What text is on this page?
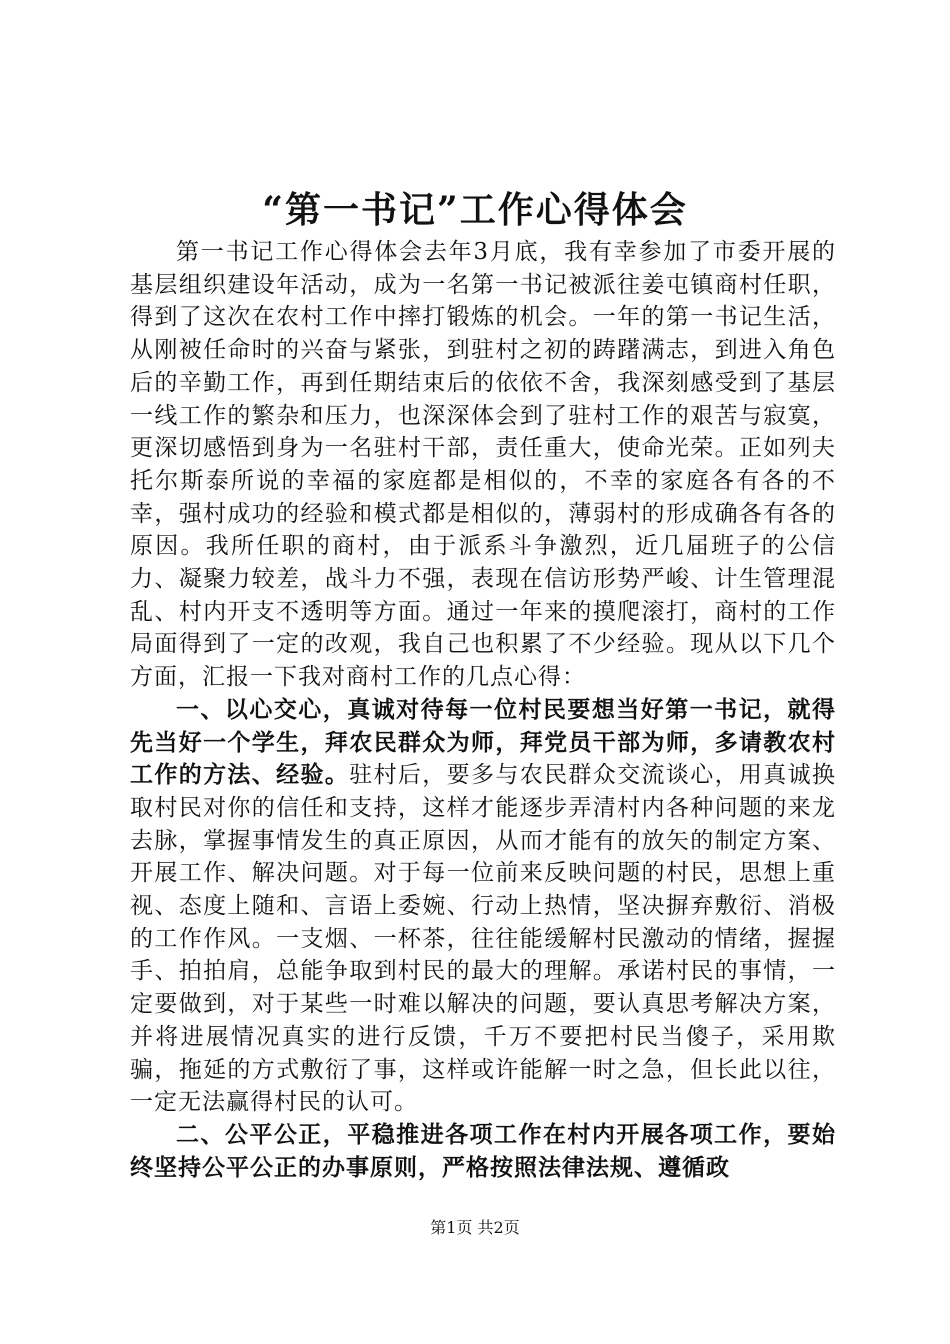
“第一书记”工作心得体会

第一书记工作心得体会去年3月底，我有幸参加了市委开展的基层组织建设年活动，成为一名第一书记被派往姜屯镇商村任职，得到了这次在农村工作中摔打锻炼的机会。一年的第一书记生活，从刚被任命时的兴奋与紧张，到驻村之初的踌躇满志，到进入角色后的辛勤工作，再到任期结束后的依依不舍，我深刻感受到了基层一线工作的繁杂和压力，也深深体会到了驻村工作的艰苦与寂寞，更深切感悟到身为一名驻村干部，责任重大，使命光荣。正如列夫托尔斯泰所说的幸福的家庭都是相似的，不幸的家庭各有各的不幸，强村成功的经验和模式都是相似的，薄弱村的形成确各有各的原因。我所任职的商村，由于派系斗争激烈，近几届班子的公信力、凝聚力较差，战斗力不强，表现在信访形势严峻、计生管理混乱、村内开支不透明等方面。通过一年来的摸爬滚打，商村的工作局面得到了一定的改观，我自己也积累了不少经验。现从以下几个方面，汇报一下我对商村工作的几点心得：

一、以心交心，真诚对待每一位村民要想当好第一书记，就得先当好一个学生，拜农民群众为师，拜党员干部为师，多请教农村工作的方法、经验。驻村后，要多与农民群众交流谈心，用真诚换取村民对你的信任和支持，这样才能逐步弄清村内各种问题的来龙去脉，掌握事情发生的真正原因，从而才能有的放矢的制定方案、开展工作、解决问题。对于每一位前来反映问题的村民，思想上重视、态度上随和、言语上委婉、行动上热情，坚决摒弃敷衍、消极的工作作风。一支烟、一杯茶，往往能缓解村民激动的情绪，握握手、拍拍肩，总能争取到村民的最大的理解。承诺村民的事情，一定要做到，对于某些一时难以解决的问题，要认真思考解决方案，并将进展情况真实的进行反馈，千万不要把村民当傻子，采用欺骗，拖延的方式敷衍了事，这样或许能解一时之急，但长此以往，一定无法赢得村民的认可。

二、公平公正，平稳推进各项工作在村内开展各项工作，要始终坚持公平公正的办事原则，严格按照法律法规、遵循政

第1页 共2页
